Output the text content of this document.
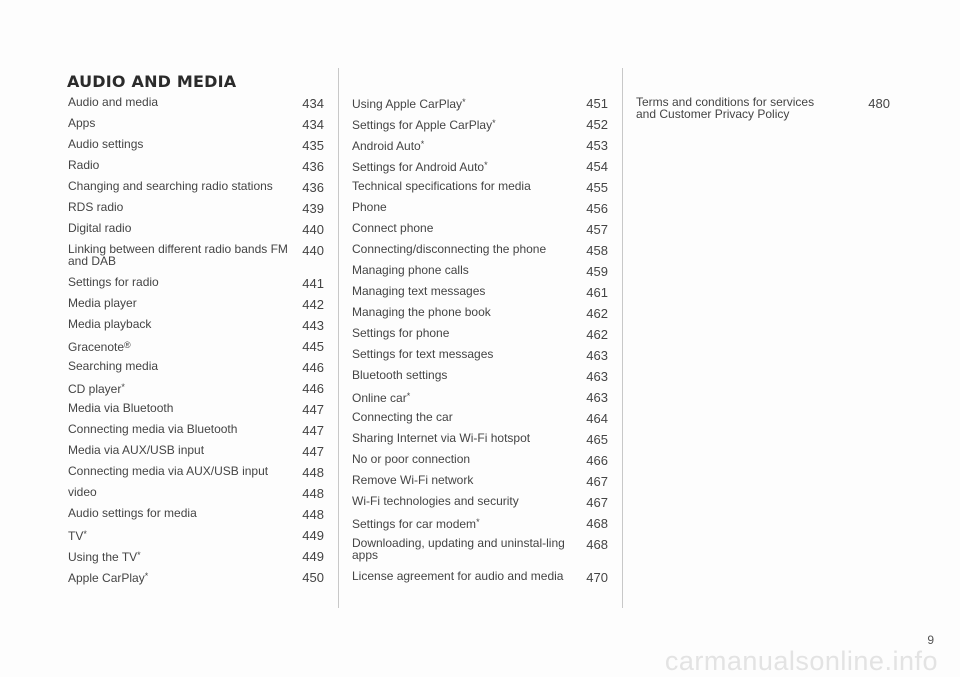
AUDIO AND MEDIA
Audio and media	434
Apps	434
Audio settings	435
Radio	436
Changing and searching radio stations	436
RDS radio	439
Digital radio	440
Linking between different radio bands FM and DAB
440
Settings for radio	441
Media player	442
Media playback	443
Gracenote®	445
Searching media	446
CD player*	446
Media via Bluetooth	447
Connecting media via Bluetooth	447
Media via AUX/USB input	447
Connecting media via AUX/USB input	448
video	448
Audio settings for media	448
TV*	449
Using the TV*	449
Apple CarPlay*	450
Using Apple CarPlay*	451
Settings for Apple CarPlay*	452
Android Auto*	453
Settings for Android Auto*	454
Technical specifications for media	455
Phone	456
Connect phone	457
Connecting/disconnecting the phone	458
Managing phone calls	459
Managing text messages	461
Managing the phone book	462
Settings for phone	462
Settings for text messages	463
Bluetooth settings	463
Online car*	463
Connecting the car	464
Sharing Internet via Wi-Fi hotspot	465
No or poor connection	466
Remove Wi-Fi network	467
Wi-Fi technologies and security	467
Settings for car modem*	468
Downloading, updating and uninstal-ling apps
468
License agreement for audio and media	470
Terms and conditions for services and Customer Privacy Policy
480
9
carmanualsonline.info
